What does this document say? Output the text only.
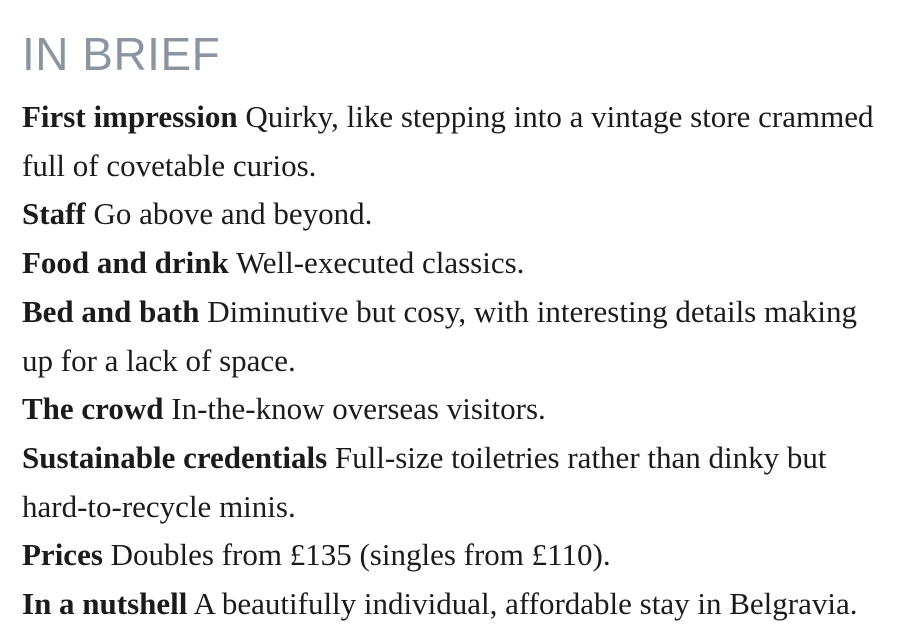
IN BRIEF

First impression Quirky, like stepping into a vintage store crammed full of covetable curios.

Staff Go above and beyond.

Food and drink Well-executed classics.

Bed and bath Diminutive but cosy, with interesting details making up for a lack of space.

The crowd In-the-know overseas visitors.

Sustainable credentials Full-size toiletries rather than dinky but hard-to-recycle minis.

Prices Doubles from £135 (singles from £110).

In a nutshell A beautifully individual, affordable stay in Belgravia.
